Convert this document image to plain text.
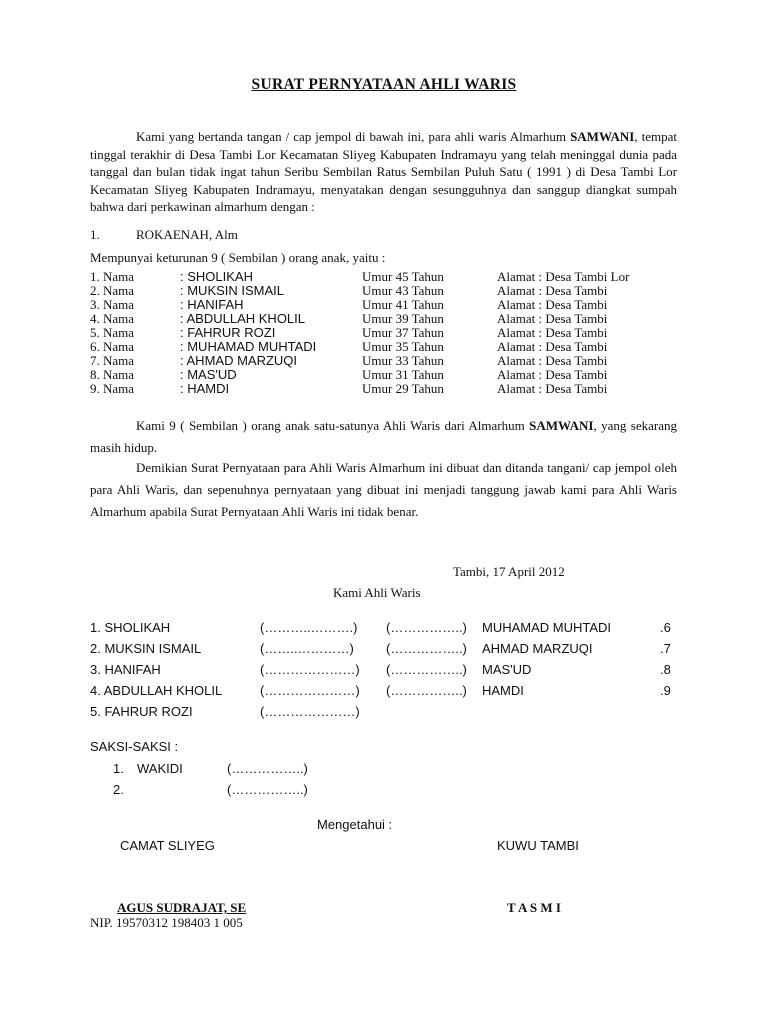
SURAT PERNYATAAN AHLI WARIS
Kami yang bertanda tangan / cap jempol di bawah ini, para ahli waris Almarhum SAMWANI, tempat tinggal terakhir di Desa Tambi Lor Kecamatan Sliyeg Kabupaten Indramayu yang telah meninggal dunia pada tanggal dan bulan tidak ingat tahun Seribu Sembilan Ratus Sembilan Puluh Satu ( 1991 ) di Desa Tambi Lor Kecamatan Sliyeg Kabupaten Indramayu, menyatakan dengan sesungguhnya dan sanggup diangkat sumpah bahwa dari perkawinan almarhum dengan :
1.	ROKAENAH, Alm
Mempunyai keturunan 9 ( Sembilan ) orang anak, yaitu :
1. Nama	: SHOLIKAH	Umur 45 Tahun	Alamat : Desa Tambi Lor
2. Nama	: MUKSIN ISMAIL	Umur 43 Tahun	Alamat : Desa Tambi
3. Nama	: HANIFAH	Umur 41 Tahun	Alamat : Desa Tambi
4. Nama	: ABDULLAH KHOLIL	Umur 39 Tahun	Alamat : Desa Tambi
5. Nama	: FAHRUR ROZI	Umur 37 Tahun	Alamat : Desa Tambi
6. Nama	: MUHAMAD MUHTADI	Umur 35 Tahun	Alamat : Desa Tambi
7. Nama	: AHMAD MARZUQI	Umur 33 Tahun	Alamat : Desa Tambi
8. Nama	: MAS'UD	Umur 31 Tahun	Alamat : Desa Tambi
9. Nama	: HAMDI	Umur 29 Tahun	Alamat : Desa Tambi
Kami 9 ( Sembilan ) orang anak satu-satunya Ahli Waris dari Almarhum SAMWANI, yang sekarang masih hidup.
Demikian Surat Pernyataan para Ahli Waris Almarhum ini dibuat dan ditanda tangani/ cap jempol oleh para Ahli Waris, dan sepenuhnya pernyataan yang dibuat ini menjadi tanggung jawab kami para Ahli Waris Almarhum apabila Surat Pernyataan Ahli Waris ini tidak benar.
Tambi, 17 April 2012
Kami Ahli Waris
1. SHOLIKAH	(………..……….) (……………..) MUHAMAD MUHTADI	.6
2. MUKSIN ISMAIL	(……..…………) (……………..) AHMAD MARZUQI	.7
3. HANIFAH	(…………………) (……………..) MAS'UD	.8
4. ABDULLAH KHOLIL	(…………………) (……………..) HAMDI	.9
5. FAHRUR ROZI	(…………………)
SAKSI-SAKSI :
1. WAKIDI	(……………..)
2.	(……………..)
Mengetahui :
CAMAT SLIYEG	KUWU TAMBI
AGUS SUDRAJAT, SE	T A S M I
NIP. 19570312 198403 1 005
